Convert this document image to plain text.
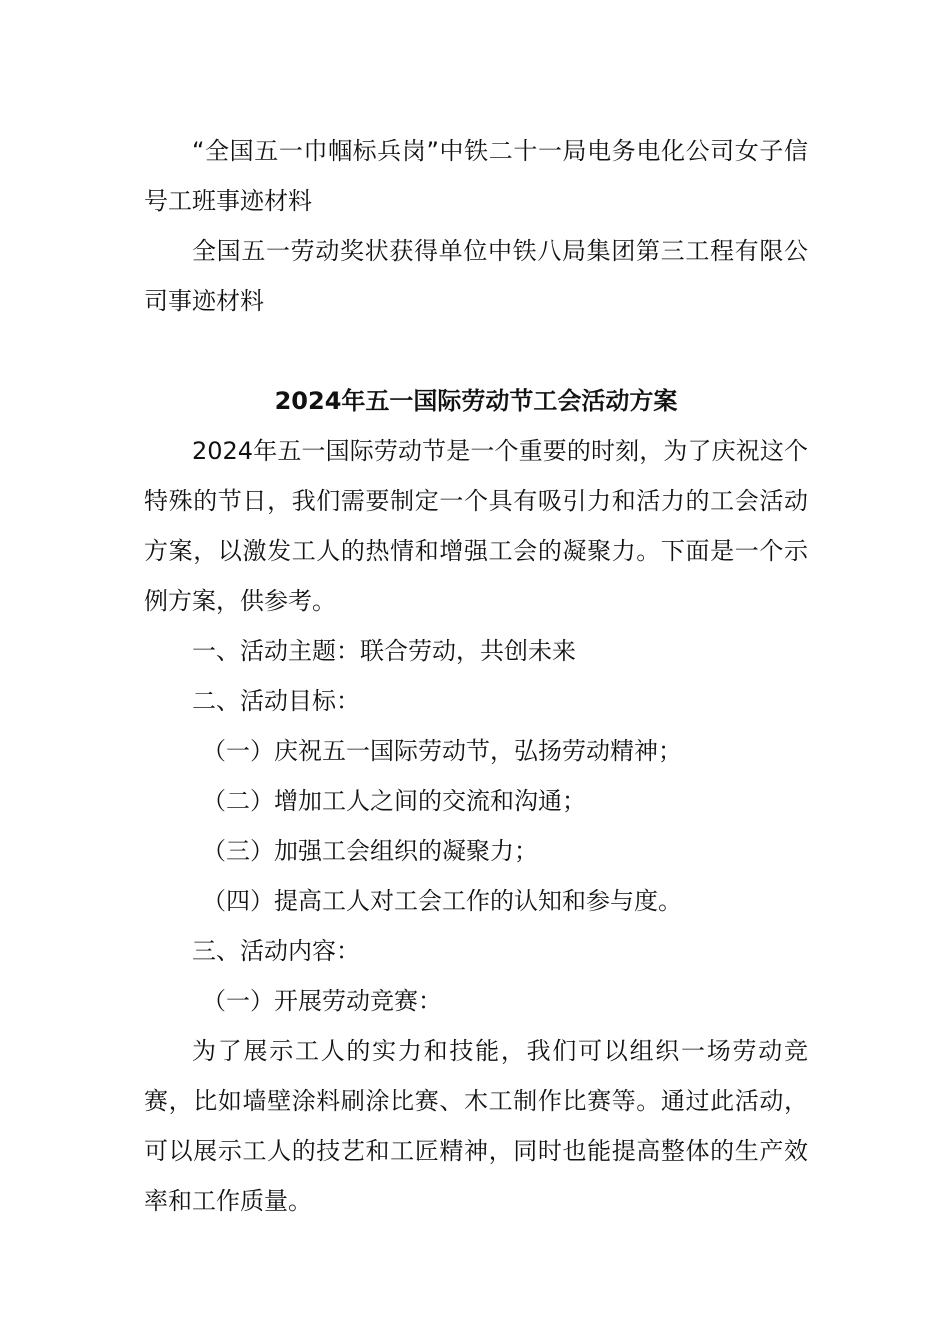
“全国五一巾帼标兵岗”中铁二十一局电务电化公司女子信号工班事迹材料

全国五一劳动奖状获得单位中铁八局集团第三工程有限公司事迹材料

2024年五一国际劳动节工会活动方案

2024年五一国际劳动节是一个重要的时刻，为了庆祝这个特殊的节日，我们需要制定一个具有吸引力和活力的工会活动方案，以激发工人的热情和增强工会的凝聚力。下面是一个示例方案，供参考。

一、活动主题：联合劳动，共创未来

二、活动目标：

（一）庆祝五一国际劳动节，弘扬劳动精神；

（二）增加工人之间的交流和沟通；

（三）加强工会组织的凝聚力；

（四）提高工人对工会工作的认知和参与度。

三、活动内容：

（一）开展劳动竞赛：

为了展示工人的实力和技能，我们可以组织一场劳动竞赛，比如墙壁涂料刷涂比赛、木工制作比赛等。通过此活动，可以展示工人的技艺和工匠精神，同时也能提高整体的生产效率和工作质量。
